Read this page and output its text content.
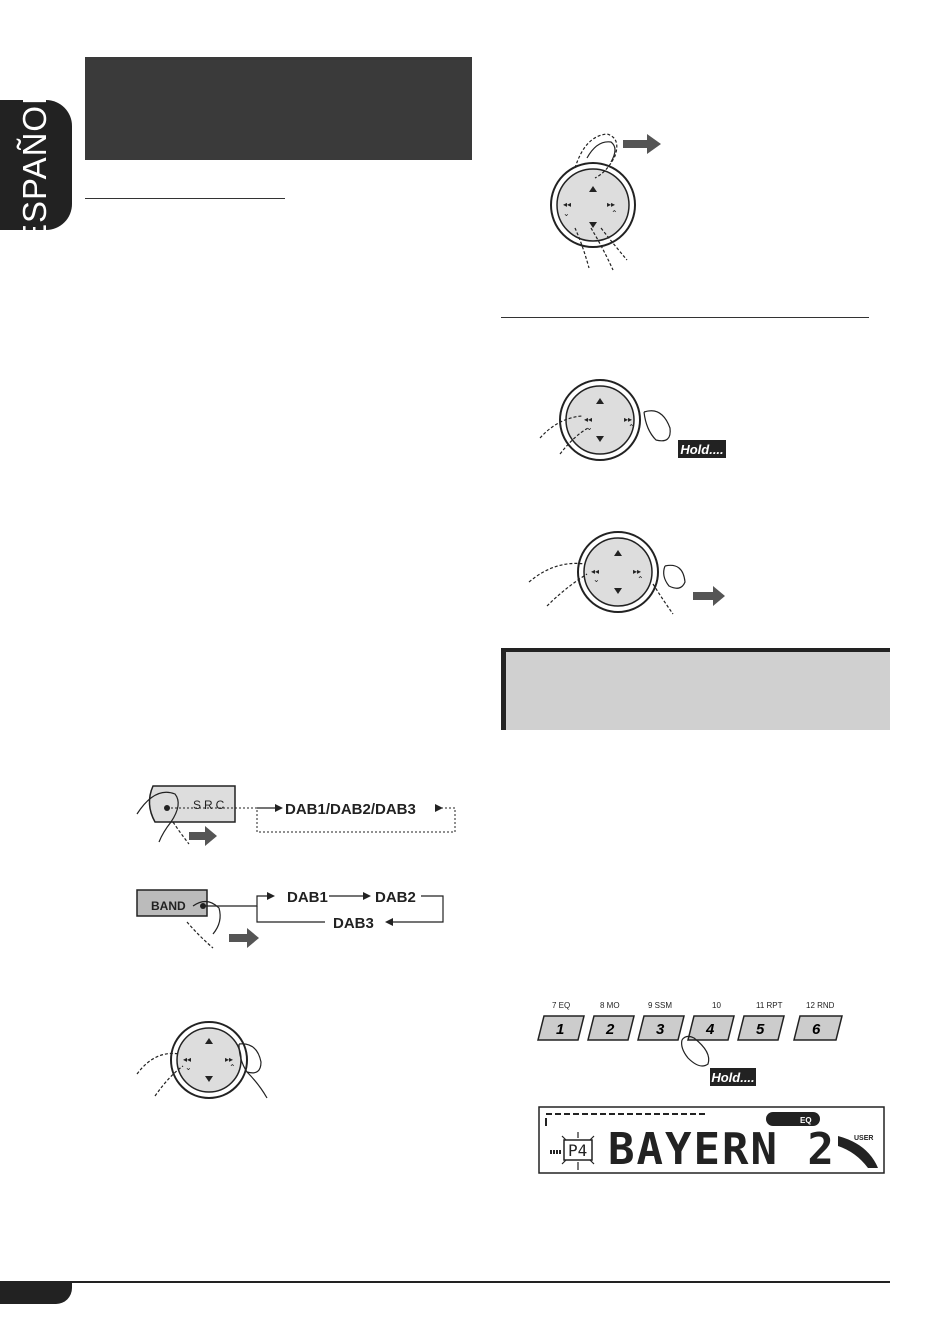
ESPAÑOL	◂◂
⌄
▸▸
⌃
◂◂
⌄
▸▸
⌃
Hold....
◂◂
⌄
▸▸
⌃
SRC	DAB1/DAB2/DAB3
BAND	DAB1	DAB2
DAB3
◂◂
⌄
▸▸
⌃
7 EQ	8 MO	9 SSM	10	11 RPT	12 RND
1	2	3	4	5	6
Hold....
EQ
USER
P4 BAYERN 2
